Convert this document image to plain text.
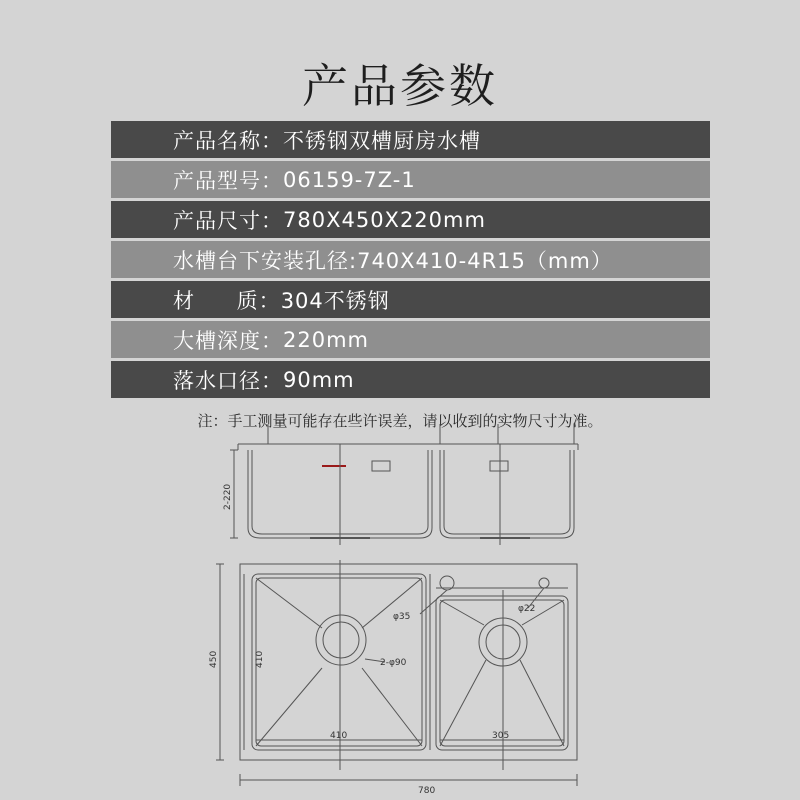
产品参数
产品名称： 不锈钢双槽厨房水槽
产品型号： 06159-7Z-1
产品尺寸： 780X450X220mm
水槽台下安装孔径: 740X410-4R15（mm）
材 质： 304不锈钢
大槽深度： 220mm
落水口径： 90mm
注：手工测量可能存在些许误差，请以收到的实物尺寸为准。
2-220
φ35
φ22
2-φ90
450	410
410	305
780
